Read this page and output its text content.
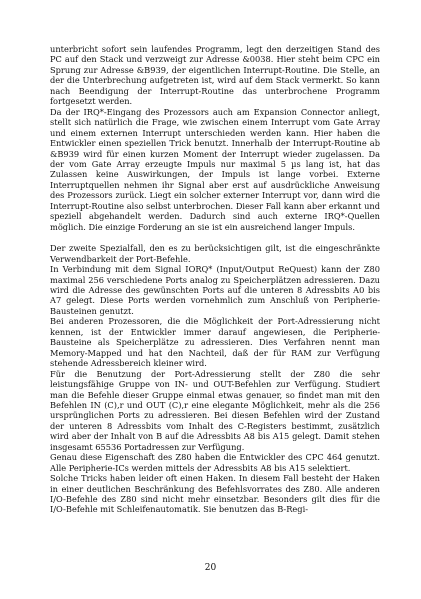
unterbricht sofort sein laufendes Programm, legt den derzeitigen Stand des PC auf den Stack und verzweigt zur Adresse &0038. Hier steht beim CPC ein Sprung zur Adresse &B939, der eigentlichen Interrupt-Routine. Die Stelle, an der die Unterbrechung aufgetreten ist, wird auf dem Stack vermerkt. So kann nach Beendigung der Interrupt-Routine das unterbrochene Programm fortgesetzt werden.

Da der IRQ*-Eingang des Prozessors auch am Expansion Connector anliegt, stellt sich natürlich die Frage, wie zwischen einem Interrupt vom Gate Array und einem externen Interrupt unterschieden werden kann. Hier haben die Entwickler einen speziellen Trick benutzt. Innerhalb der Interrupt-Routine ab &B939 wird für einen kurzen Moment der Interrupt wieder zugelassen. Da der vom Gate Array erzeugte Impuls nur maximal 5 µs lang ist, hat das Zulassen keine Auswirkungen, der Impuls ist lange vorbei. Externe Interruptquellen nehmen ihr Signal aber erst auf ausdrückliche Anweisung des Prozessors zurück. Liegt ein solcher externer Interrupt vor, dann wird die Interrupt-Routine also selbst unterbrochen. Dieser Fall kann aber erkannt und speziell abgehandelt werden. Dadurch sind auch externe IRQ*-Quellen möglich. Die einzige Forderung an sie ist ein ausreichend langer Impuls.

Der zweite Spezialfall, den es zu berücksichtigen gilt, ist die eingeschränkte Verwendbarkeit der Port-Befehle.

In Verbindung mit dem Signal IORQ* (Input/Output ReQuest) kann der Z80 maximal 256 verschiedene Ports analog zu Speicherplätzen adressieren. Dazu wird die Adresse des gewünschten Ports auf die unteren 8 Adressbits A0 bis A7 gelegt. Diese Ports werden vornehmlich zum Anschluß von Peripherie-Bausteinen genutzt.

Bei anderen Prozessoren, die die Möglichkeit der Port-Adressierung nicht kennen, ist der Entwickler immer darauf angewiesen, die Peripherie-Bausteine als Speicherplätze zu adressieren. Dies Verfahren nennt man Memory-Mapped und hat den Nachteil, daß der für RAM zur Verfügung stehende Adressbereich kleiner wird.

Für die Benutzung der Port-Adressierung stellt der Z80 die sehr leistungsfähige Gruppe von IN- und OUT-Befehlen zur Verfügung. Studiert man die Befehle dieser Gruppe einmal etwas genauer, so findet man mit den Befehlen IN (C),r und OUT (C),r eine elegante Möglichkeit, mehr als die 256 ursprünglichen Ports zu adressieren. Bei diesen Befehlen wird der Zustand der unteren 8 Adressbits vom Inhalt des C-Registers bestimmt, zusätzlich wird aber der Inhalt von B auf die Adressbits A8 bis A15 gelegt. Damit stehen insgesamt 65536 Portadressen zur Verfügung.

Genau diese Eigenschaft des Z80 haben die Entwickler des CPC 464 genutzt. Alle Peripherie-ICs werden mittels der Adressbits A8 bis A15 selektiert.

Solche Tricks haben leider oft einen Haken. In diesem Fall besteht der Haken in einer deutlichen Beschränkung des Befehlsvorrates des Z80. Alle anderen I/O-Befehle des Z80 sind nicht mehr einsetzbar. Besonders gilt dies für die I/O-Befehle mit Schleifenautomatik. Sie benutzen das B-Regi-

20
